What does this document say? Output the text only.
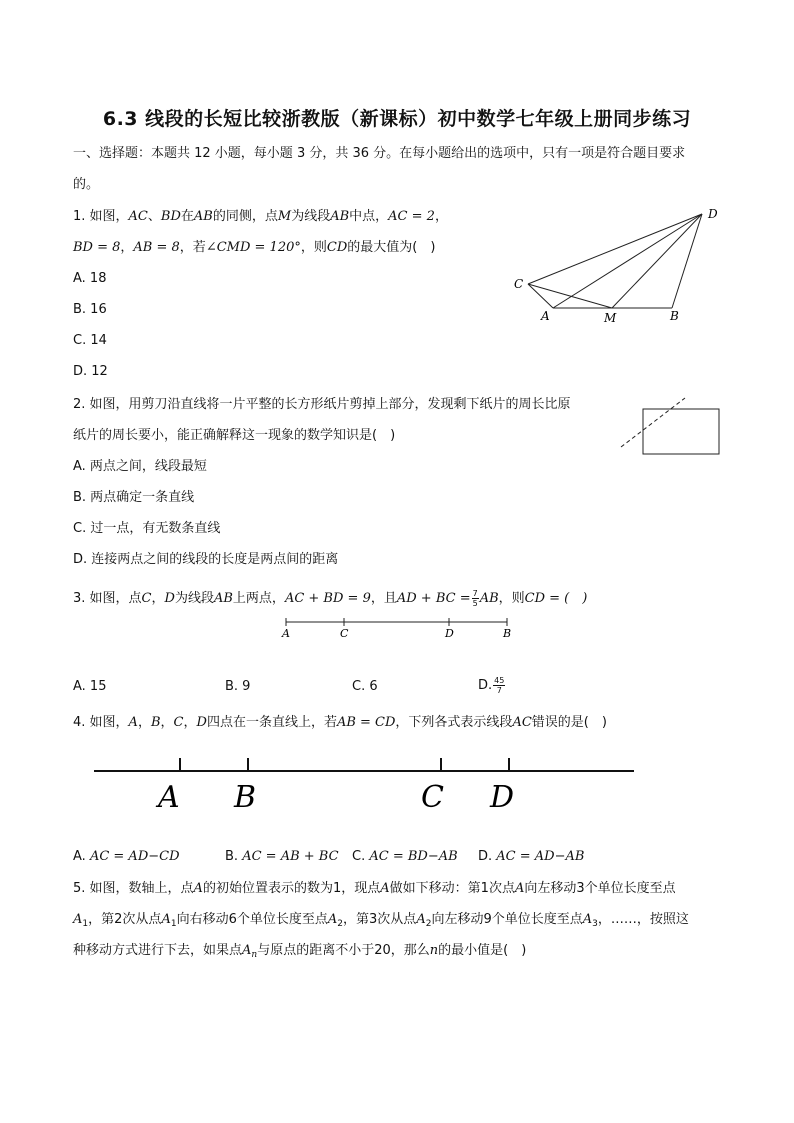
6.3 线段的长短比较浙教版（新课标）初中数学七年级上册同步练习
一、选择题：本题共 12 小题，每小题 3 分，共 36 分。在每小题给出的选项中，只有一项是符合题目要求
的。
1. 如图，AC、BD在AB的同侧，点M为线段AB中点，AC = 2，
BD = 8，AB = 8，若∠CMD = 120°，则CD的最大值为(　)
A. 18
B. 16
C. 14
D. 12
D
C
A	M	B
2. 如图，用剪刀沿直线将一片平整的长方形纸片剪掉上部分，发现剩下纸片的周长比原
纸片的周长要小，能正确解释这一现象的数学知识是(　)
A. 两点之间，线段最短
B. 两点确定一条直线
C. 过一点，有无数条直线
D. 连接两点之间的线段的长度是两点间的距离
3. 如图，点C，D为线段AB上两点，AC + BD = 9，且AD + BC = $\frac{7}{5}$ AB，则CD = (　)
A	C	D	B
A. 15	B. 9	C. 6	D. $\frac{45}{7}$
4. 如图，A，B，C，D四点在一条直线上，若AB = CD，下列各式表示线段AC错误的是(　)
A B	C D
A. AC = AD−CD	B. AC = AB + BC C. AC = BD−AB D. AC = AD−AB
5. 如图，数轴上，点A的初始位置表示的数为1，现点A做如下移动：第1次点A向左移动3个单位长度至点
$A_1$，第2次从点$A_1$向右移动6个单位长度至点$A_2$，第3次从点$A_2$向左移动9个单位长度至点$A_3$，……，按照这
种移动方式进行下去，如果点$A_n$与原点的距离不小于20，那么n的最小值是(　)
